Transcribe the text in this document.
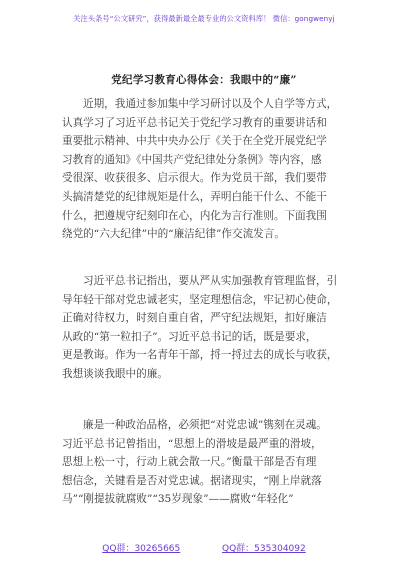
关注头条号“公文研究”，获得最新最全最专业的公文资料库！ 微信：gongwenyj
党纪学习教育心得体会：我眼中的“廉”
近期，我通过参加集中学习研讨以及个人自学等方式，
认真学习了习近平总书记关于党纪学习教育的重要讲话和
重要批示精神、中共中央办公厅《关于在全党开展党纪学
习教育的通知》《中国共产党纪律处分条例》等内容，感
受很深、收获很多、启示很大。作为党员干部，我们要带
头搞清楚党的纪律规矩是什么，弄明白能干什么、不能干
什么，把遵规守纪刻印在心，内化为言行准则。下面我围
绕党的“六大纪律”中的“廉洁纪律”作交流发言。
习近平总书记指出，要从严从实加强教育管理监督，引
导年轻干部对党忠诚老实，坚定理想信念，牢记初心使命，
正确对待权力，时刻自重自省，严守纪法规矩，扣好廉洁
从政的“第一粒扣子”。习近平总书记的话，既是要求，
更是教诲。作为一名青年干部，捋一捋过去的成长与收获，
我想谈谈我眼中的廉。
廉是一种政治品格，必须把“对党忠诚”镌刻在灵魂。
习近平总书记曾指出，“思想上的滑坡是最严重的滑坡，
思想上松一寸，行动上就会散一尺。”衡量干部是否有理
想信念，关键看是否对党忠诚。据诸现实，“刚上岸就落
马”“刚提拔就腐败”“35岁现象”——腐败“年轻化”
QQ群：30265665	QQ群：535304092
